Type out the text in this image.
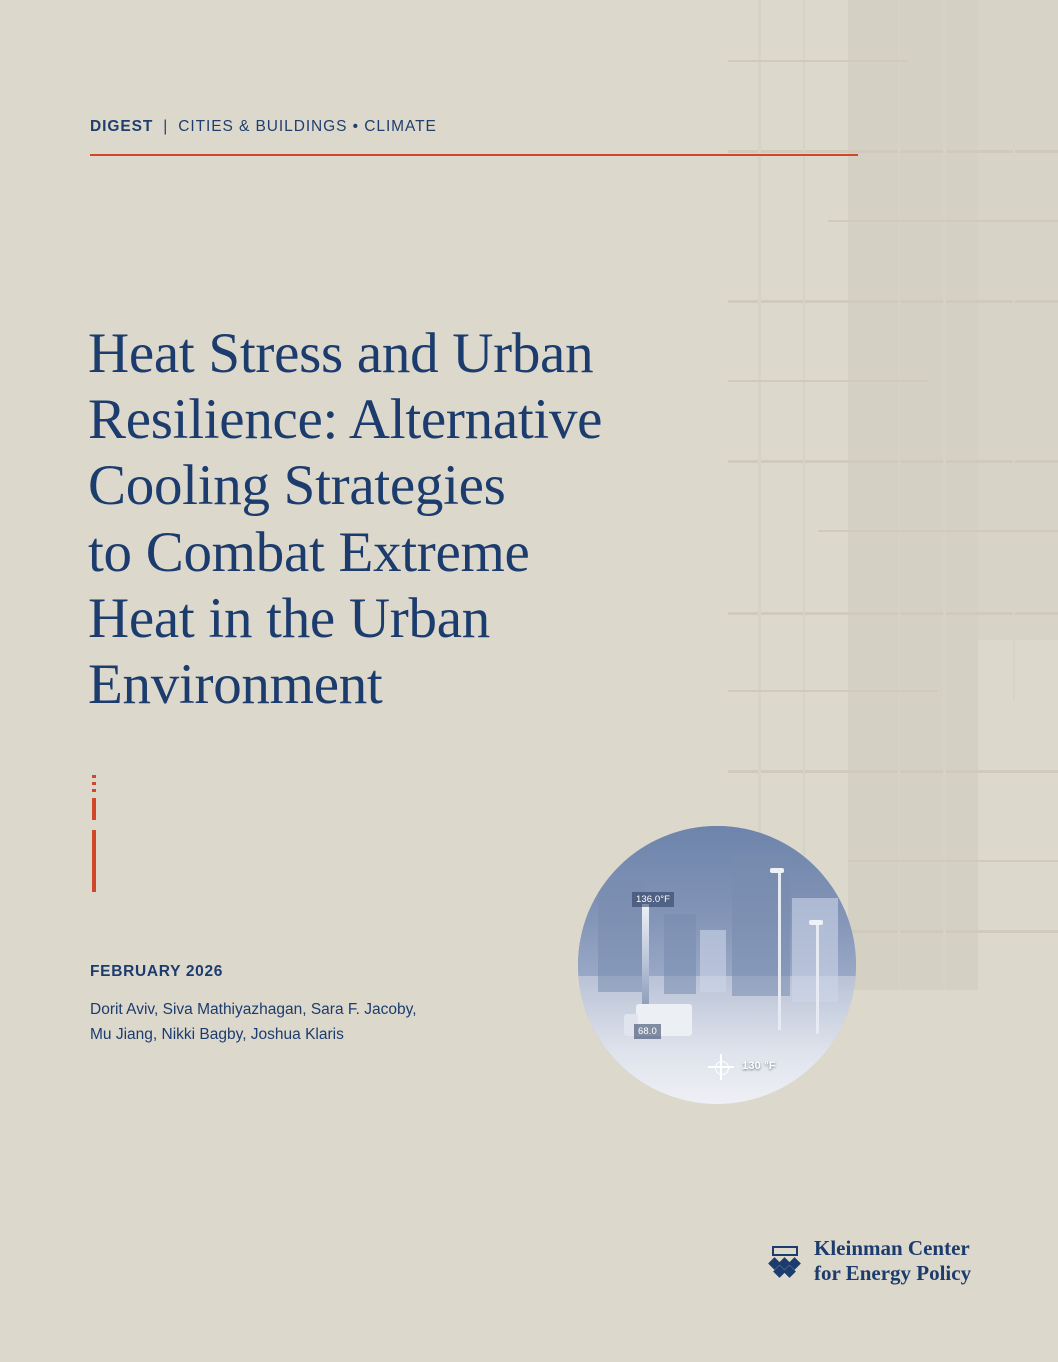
DIGEST | CITIES & BUILDINGS • CLIMATE
Heat Stress and Urban
Resilience: Alternative
Cooling Strategies
to Combat Extreme
Heat in the Urban
Environment
FEBRUARY 2026
Dorit Aviv, Siva Mathiyazhagan, Sara F. Jacoby,
Mu Jiang, Nikki Bagby, Joshua Klaris
136.0°F
68.0
130 °F
Kleinman Center
for Energy Policy
